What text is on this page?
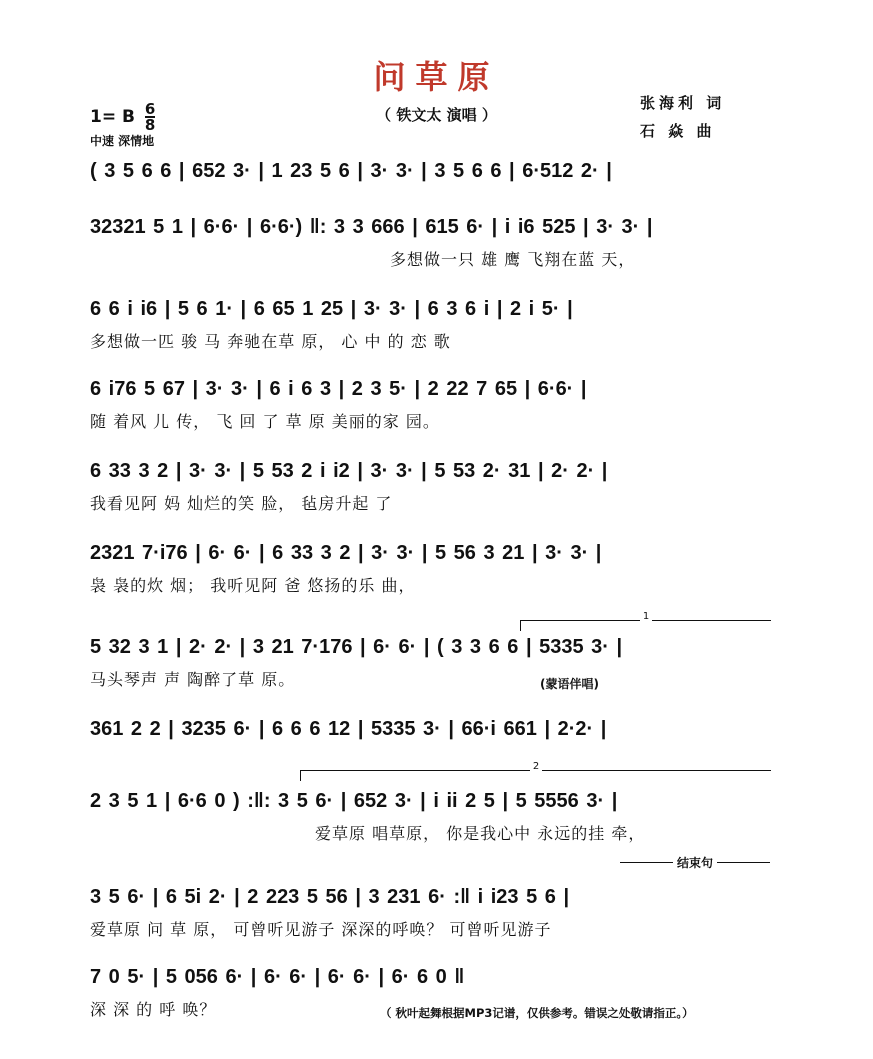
问草原
（ 铁文太 演唱 ）
张海利 词
石 焱 曲
1= B $\frac{6}{8}$
中速 深情地
( 3 5 6 6 | 652 3· | 1 23 5 6 | 3· 3· | 3 5 6 6 | 6·512 2· |
32321 5 1 | 6·6· | 6·6·) ‖: 3 3 666 | 615 6· | i i6 525 | 3· 3· |
多想做一只 雄 鹰 飞翔在蓝 天，
6 6 i i6 | 5 6 1· | 6 65 1 25 | 3· 3· | 6 3 6 i | 2 i 5· |
多想做一匹 骏 马 奔驰在草 原， 心 中 的 恋 歌
6 i76 5 67 | 3· 3· | 6 i 6 3 | 2 3 5· | 2 22 7 65 | 6·6· |
随 着风 儿 传， 飞 回 了 草 原 美丽的家 园。
6 33 3 2 | 3· 3· | 5 53 2 i i2 | 3· 3· | 5 53 2· 31 | 2· 2· |
我看见阿 妈 灿烂的笑 脸， 毡房升起 了
2321 7·i76 | 6· 6· | 6 33 3 2 | 3· 3· | 5 56 3 21 | 3· 3· |
袅 袅的炊 烟； 我听见阿 爸 悠扬的乐 曲，
1
5 32 3 1 | 2· 2· | 3 21 7·176 | 6· 6· | ( 3 3 6 6 | 5335 3· |
马头琴声 声 陶醉了草 原。	(蒙语伴唱)
361 2 2 | 3235 6· | 6 6 6 12 | 5335 3· | 66·i 661 | 2·2· |
2
2 3 5 1 | 6·6 0 ) :‖: 3 5 6· | 652 3· | i ii 2 5 | 5 5556 3· |
爱草原 唱草原， 你是我心中 永远的挂 牵，
结束句
3 5 6· | 6 5i 2· | 2 223 5 56 | 3 231 6· :‖ i i23 5 6 |
爱草原 问 草 原， 可曾听见游子 深深的呼唤？ 可曾听见游子
7 0 5· | 5 056 6· | 6· 6· | 6· 6· | 6· 6 0 ‖
深 深 的 呼 唤？	（ 秋叶起舞根据MP3记谱，仅供参考。错误之处敬请指正。）
